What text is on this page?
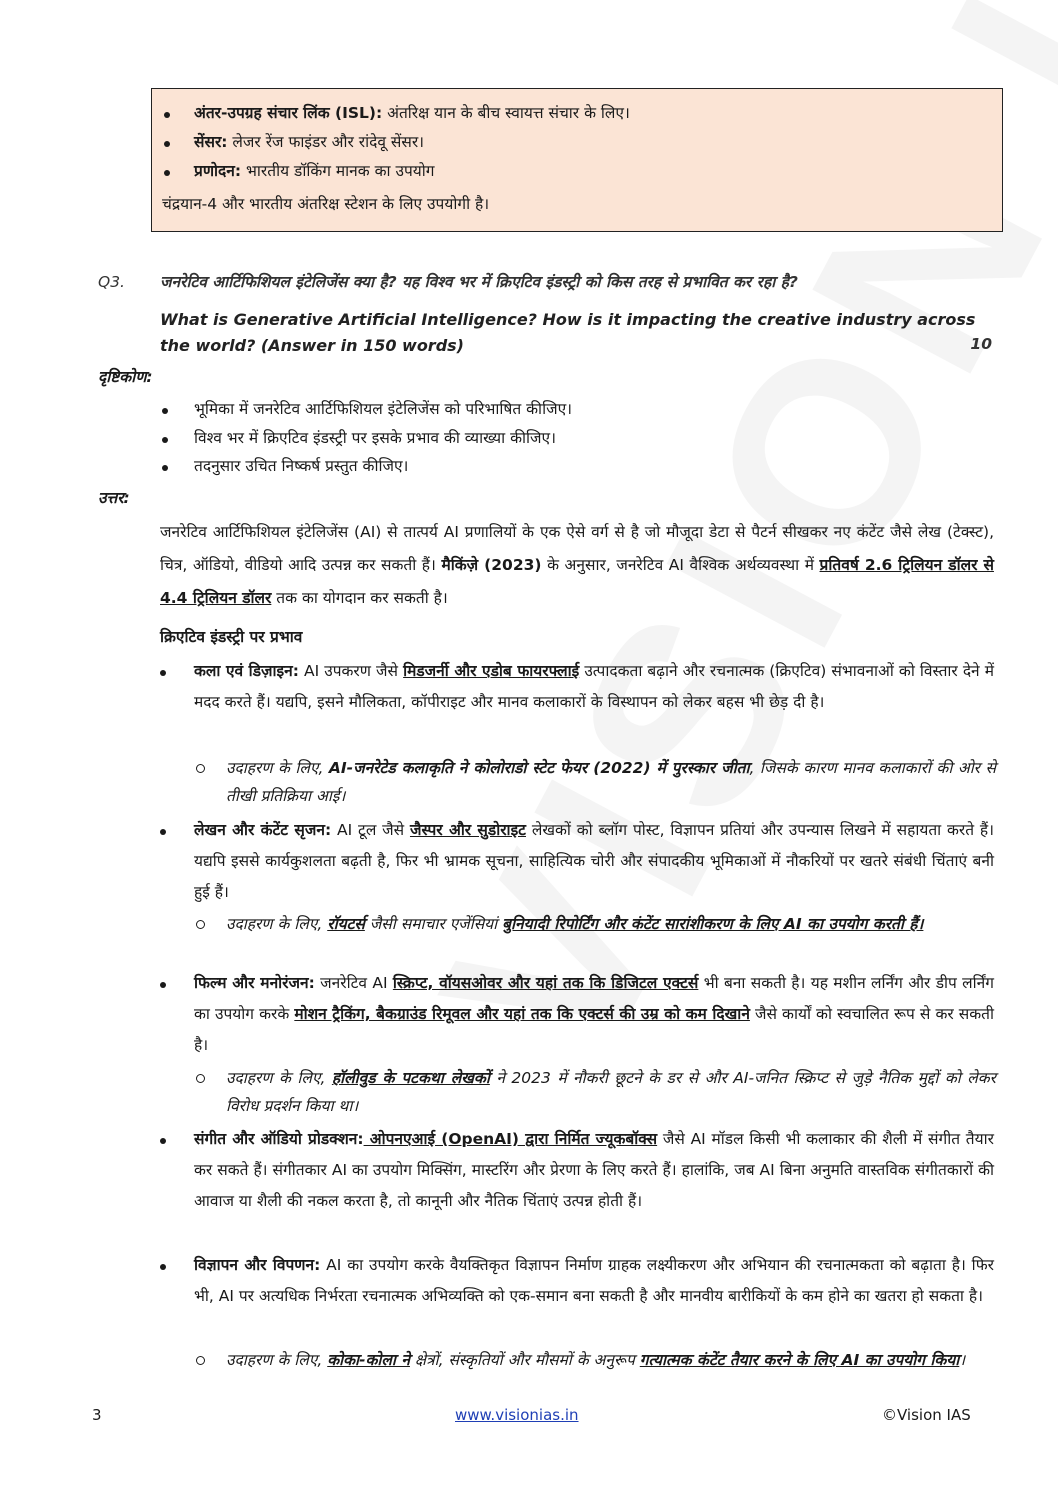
अंतर-उपग्रह संचार लिंक (ISL): अंतरिक्ष यान के बीच स्वायत्त संचार के लिए।
सेंसर: लेजर रेंज फाइंडर और रांदेवू सेंसर।
प्रणोदन: भारतीय डॉकिंग मानक का उपयोग
चंद्रयान-4 और भारतीय अंतरिक्ष स्टेशन के लिए उपयोगी है।
Q3. जनरेटिव आर्टिफिशियल इंटेलिजेंस क्या है? यह विश्व भर में क्रिएटिव इंडस्ट्री को किस तरह से प्रभावित कर रहा है?
What is Generative Artificial Intelligence? How is it impacting the creative industry across the world? (Answer in 150 words)	10
दृष्टिकोण:
भूमिका में जनरेटिव आर्टिफिशियल इंटेलिजेंस को परिभाषित कीजिए।
विश्व भर में क्रिएटिव इंडस्ट्री पर इसके प्रभाव की व्याख्या कीजिए।
तदनुसार उचित निष्कर्ष प्रस्तुत कीजिए।
उत्तर:
जनरेटिव आर्टिफिशियल इंटेलिजेंस (AI) से तात्पर्य AI प्रणालियों के एक ऐसे वर्ग से है जो मौजूदा डेटा से पैटर्न सीखकर नए कंटेंट जैसे लेख (टेक्स्ट), चित्र, ऑडियो, वीडियो आदि उत्पन्न कर सकती हैं। मैकिंज़े (2023) के अनुसार, जनरेटिव AI वैश्विक अर्थव्यवस्था में प्रतिवर्ष 2.6 ट्रिलियन डॉलर से 4.4 ट्रिलियन डॉलर तक का योगदान कर सकती है।
क्रिएटिव इंडस्ट्री पर प्रभाव
कला एवं डिज़ाइन: AI उपकरण जैसे मिडजर्नी और एडोब फायरफ्लाई उत्पादकता बढ़ाने और रचनात्मक (क्रिएटिव) संभावनाओं को विस्तार देने में मदद करते हैं। यद्यपि, इसने मौलिकता, कॉपीराइट और मानव कलाकारों के विस्थापन को लेकर बहस भी छेड़ दी है।
उदाहरण के लिए, AI-जनरेटेड कलाकृति ने कोलोराडो स्टेट फेयर (2022) में पुरस्कार जीता, जिसके कारण मानव कलाकारों की ओर से तीखी प्रतिक्रिया आई।
लेखन और कंटेंट सृजन: AI टूल जैसे जैस्पर और सुडोराइट लेखकों को ब्लॉग पोस्ट, विज्ञापन प्रतियां और उपन्यास लिखने में सहायता करते हैं। यद्यपि इससे कार्यकुशलता बढ़ती है, फिर भी भ्रामक सूचना, साहित्यिक चोरी और संपादकीय भूमिकाओं में नौकरियों पर खतरे संबंधी चिंताएं बनी हुई हैं।
उदाहरण के लिए, रॉयटर्स जैसी समाचार एजेंसियां बुनियादी रिपोर्टिंग और कंटेंट सारांशीकरण के लिए AI का उपयोग करती हैं।
फिल्म और मनोरंजन: जनरेटिव AI स्क्रिप्ट, वॉयसओवर और यहां तक कि डिजिटल एक्टर्स भी बना सकती है। यह मशीन लर्निंग और डीप लर्निंग का उपयोग करके मोशन ट्रैकिंग, बैकग्राउंड रिमूवल और यहां तक कि एक्टर्स की उम्र को कम दिखाने जैसे कार्यों को स्वचालित रूप से कर सकती है।
उदाहरण के लिए, हॉलीवुड के पटकथा लेखकों ने 2023 में नौकरी छूटने के डर से और AI-जनित स्क्रिप्ट से जुड़े नैतिक मुद्दों को लेकर विरोध प्रदर्शन किया था।
संगीत और ऑडियो प्रोडक्शन: ओपनएआई (OpenAI) द्वारा निर्मित ज्यूकबॉक्स जैसे AI मॉडल किसी भी कलाकार की शैली में संगीत तैयार कर सकते हैं। संगीतकार AI का उपयोग मिक्सिंग, मास्टरिंग और प्रेरणा के लिए करते हैं। हालांकि, जब AI बिना अनुमति वास्तविक संगीतकारों की आवाज या शैली की नकल करता है, तो कानूनी और नैतिक चिंताएं उत्पन्न होती हैं।
विज्ञापन और विपणन: AI का उपयोग करके वैयक्तिकृत विज्ञापन निर्माण ग्राहक लक्ष्यीकरण और अभियान की रचनात्मकता को बढ़ाता है। फिर भी, AI पर अत्यधिक निर्भरता रचनात्मक अभिव्यक्ति को एक-समान बना सकती है और मानवीय बारीकियों के कम होने का खतरा हो सकता है।
उदाहरण के लिए, कोका-कोला ने क्षेत्रों, संस्कृतियों और मौसमों के अनुरूप गत्यात्मक कंटेंट तैयार करने के लिए AI का उपयोग किया।
3	www.visionias.in	©Vision IAS
